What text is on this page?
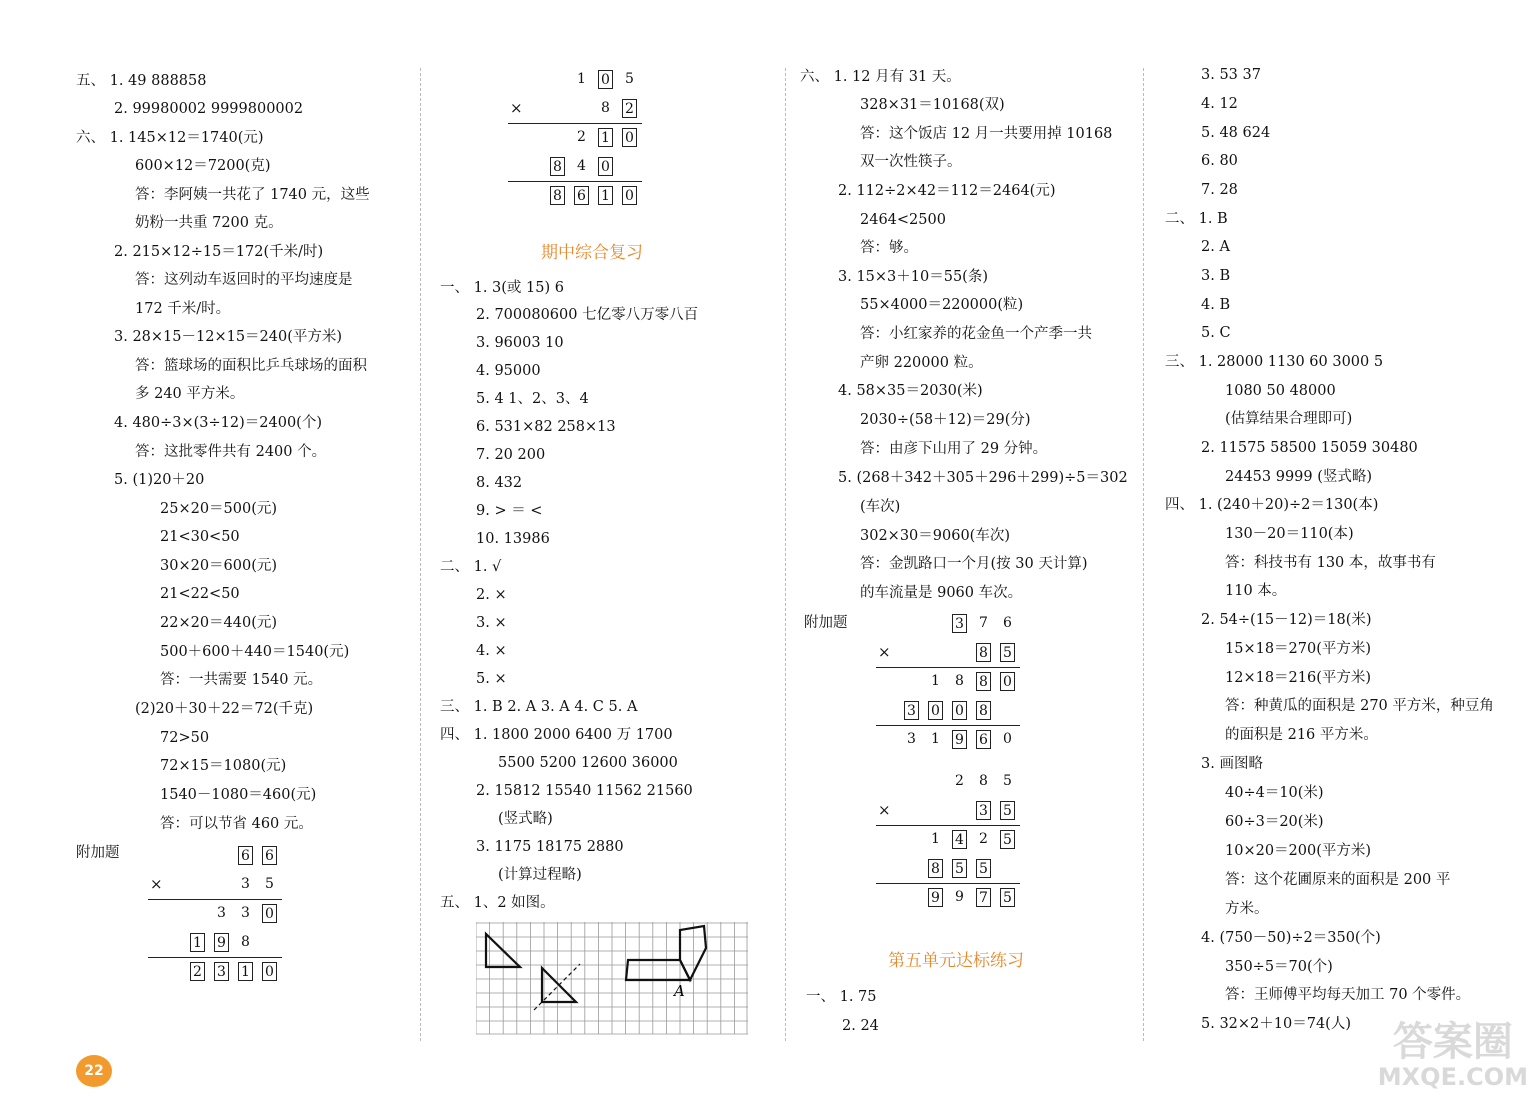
五、 1. 49 888858
2. 99980002 9999800002
六、 1. 145×12＝1740(元)
600×12＝7200(克)
答：李阿姨一共花了 1740 元，这些
奶粉一共重 7200 克。
2. 215×12÷15＝172(千米/时)
答：这列动车返回时的平均速度是
172 千米/时。
3. 28×15－12×15＝240(平方米)
答：篮球场的面积比乒乓球场的面积
多 240 平方米。
4. 480÷3×(3÷12)＝2400(个)
答：这批零件共有 2400 个。
5. (1)20＋20
25×20＝500(元)
21<30<50
30×20＝600(元)
21<22<50
22×20＝440(元)
500＋600＋440＝1540(元)
答：一共需要 1540 元。
(2)20＋30＋22＝72(千克)
72>50
72×15＝1080(元)
1540－1080＝460(元)
答：可以节省 460 元。
附加题
一、 1. 3(或 15) 6
2. 700080600 七亿零八万零八百
3. 96003 10
4. 95000
5. 4 1、2、3、4
6. 531×82 258×13
7. 20 200
8. 432
9. > ＝ <
10. 13986
二、 1. √
2. ×
3. ×
4. ×
5. ×
三、 1. B 2. A 3. A 4. C 5. A
四、 1. 1800 2000 6400 万 1700
5500 5200 12600 36000
2. 15812 15540 11562 21560
(竖式略)
3. 1175 18175 2880
(计算过程略)
五、 1、2 如图。
六、 1. 12 月有 31 天。
328×31＝10168(双)
答：这个饭店 12 月一共要用掉 10168
双一次性筷子。
2. 112÷2×42＝112＝2464(元)
2464<2500
答：够。
3. 15×3＋10＝55(条)
55×4000＝220000(粒)
答：小红家养的花金鱼一个产季一共
产卵 220000 粒。
4. 58×35＝2030(米)
2030÷(58＋12)＝29(分)
答：由彦下山用了 29 分钟。
5. (268＋342＋305＋296＋299)÷5＝302
(车次)
302×30＝9060(车次)
答：金凯路口一个月(按 30 天计算)
的车流量是 9060 车次。
附加题
一、 1. 75
2. 24
3. 53 37
4. 12
5. 48 624
6. 80
7. 28
二、 1. B
2. A
3. B
4. B
5. C
三、 1. 28000 1130 60 3000 5
1080 50 48000
(估算结果合理即可)
2. 11575 58500 15059 30480
24453 9999 (竖式略)
四、 1. (240＋20)÷2＝130(本)
130－20＝110(本)
答：科技书有 130 本，故事书有
110 本。
2. 54÷(15－12)＝18(米)
15×18＝270(平方米)
12×18＝216(平方米)
答：种黄瓜的面积是 270 平方米，种豆角
的面积是 216 平方米。
3. 画图略
40÷4＝10(米)
60÷3＝20(米)
10×20＝200(平方米)
答：这个花圃原来的面积是 200 平
方米。
4. (750－50)÷2＝350(个)
350÷5＝70(个)
答：王师傅平均每天加工 70 个零件。
5. 32×2＋10＝74(人)
期中综合复习
第五单元达标练习
6 6
3 5
×
3 3 0
1 9 8
2 3 1 0
1 0 5
8 2
×
2 1 0
8 4 0
8 6 1 0
3 7 6
8 5
×
1 8 8 0
3 0 0 8
3 1 9 6 0
2 8 5
3 5
×
1 4 2 5
8 5 5
9 9 7 5
A
22
答案圈
MXQE.COM
